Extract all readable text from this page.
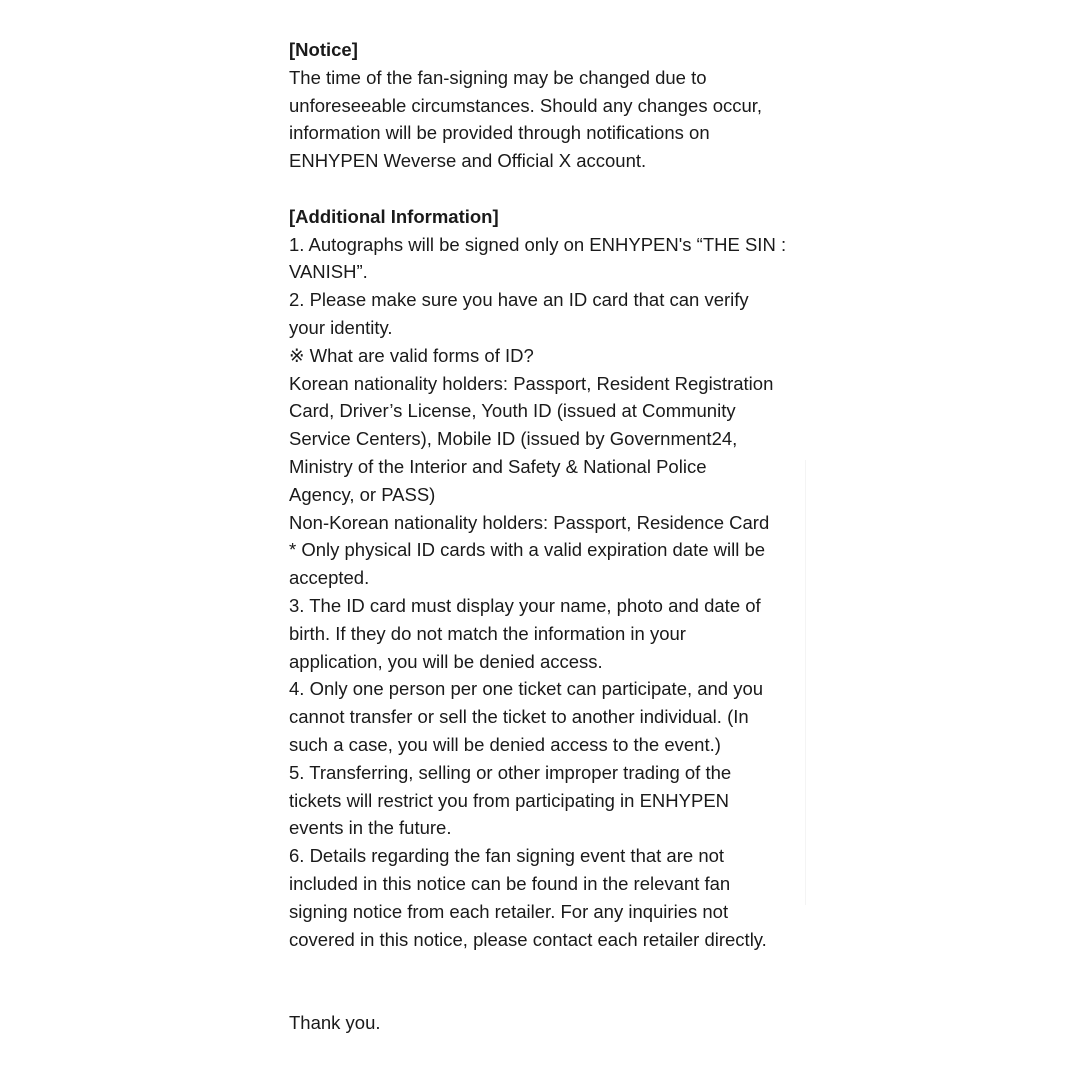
[Notice]
The time of the fan-signing may be changed due to
unforeseeable circumstances. Should any changes occur,
information will be provided through notifications on
ENHYPEN Weverse and Official X account.
[Additional Information]
1. Autographs will be signed only on ENHYPEN's “THE SIN :
VANISH”.
2. Please make sure you have an ID card that can verify
your identity.
※ What are valid forms of ID?
Korean nationality holders: Passport, Resident Registration
Card, Driver’s License, Youth ID (issued at Community
Service Centers), Mobile ID (issued by Government24,
Ministry of the Interior and Safety & National Police
Agency, or PASS)
Non-Korean nationality holders: Passport, Residence Card
* Only physical ID cards with a valid expiration date will be
accepted.
3. The ID card must display your name, photo and date of
birth. If they do not match the information in your
application, you will be denied access.
4. Only one person per one ticket can participate, and you
cannot transfer or sell the ticket to another individual. (In
such a case, you will be denied access to the event.)
5. Transferring, selling or other improper trading of the
tickets will restrict you from participating in ENHYPEN
events in the future.
6. Details regarding the fan signing event that are not
included in this notice can be found in the relevant fan
signing notice from each retailer. For any inquiries not
covered in this notice, please contact each retailer directly.
Thank you.
